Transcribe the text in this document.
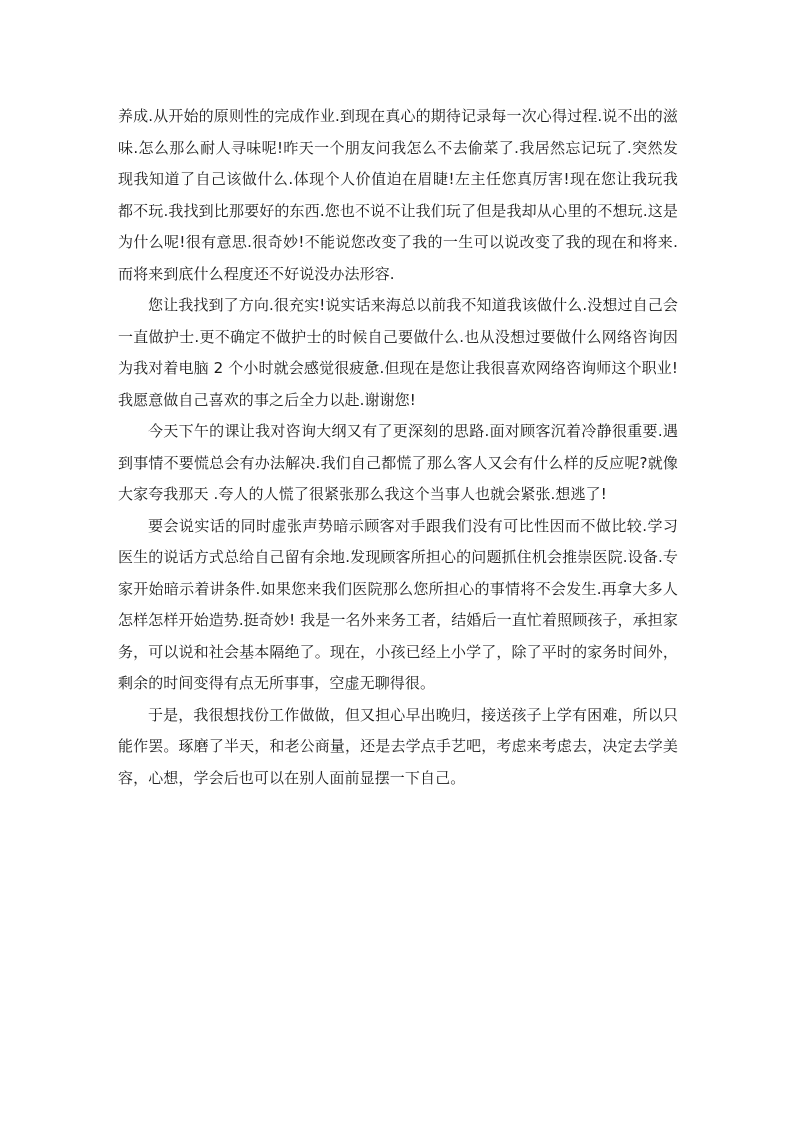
养成.从开始的原则性的完成作业.到现在真心的期待记录每一次心得过程.说不出的滋味.怎么那么耐人寻味呢!昨天一个朋友问我怎么不去偷菜了.我居然忘记玩了.突然发现我知道了自己该做什么.体现个人价值迫在眉睫!左主任您真厉害!现在您让我玩我都不玩.我找到比那要好的东西.您也不说不让我们玩了但是我却从心里的不想玩.这是为什么呢!很有意思.很奇妙!不能说您改变了我的一生可以说改变了我的现在和将来.而将来到底什么程度还不好说没办法形容.

您让我找到了方向.很充实!说实话来海总以前我不知道我该做什么.没想过自己会一直做护士.更不确定不做护士的时候自己要做什么.也从没想过要做什么网络咨询因为我对着电脑 2 个小时就会感觉很疲惫.但现在是您让我很喜欢网络咨询师这个职业!我愿意做自己喜欢的事之后全力以赴.谢谢您!

今天下午的课让我对咨询大纲又有了更深刻的思路.面对顾客沉着冷静很重要.遇到事情不要慌总会有办法解决.我们自己都慌了那么客人又会有什么样的反应呢?就像大家夸我那天 .夸人的人慌了很紧张那么我这个当事人也就会紧张.想逃了!

要会说实话的同时虚张声势暗示顾客对手跟我们没有可比性因而不做比较.学习医生的说话方式总给自己留有余地.发现顾客所担心的问题抓住机会推崇医院.设备.专家开始暗示着讲条件.如果您来我们医院那么您所担心的事情将不会发生.再拿大多人怎样怎样开始造势.挺奇妙! 我是一名外来务工者，结婚后一直忙着照顾孩子，承担家务，可以说和社会基本隔绝了。现在，小孩已经上小学了，除了平时的家务时间外，剩余的时间变得有点无所事事，空虚无聊得很。

于是，我很想找份工作做做，但又担心早出晚归，接送孩子上学有困难，所以只能作罢。琢磨了半天，和老公商量，还是去学点手艺吧，考虑来考虑去，决定去学美容，心想，学会后也可以在别人面前显摆一下自己。
